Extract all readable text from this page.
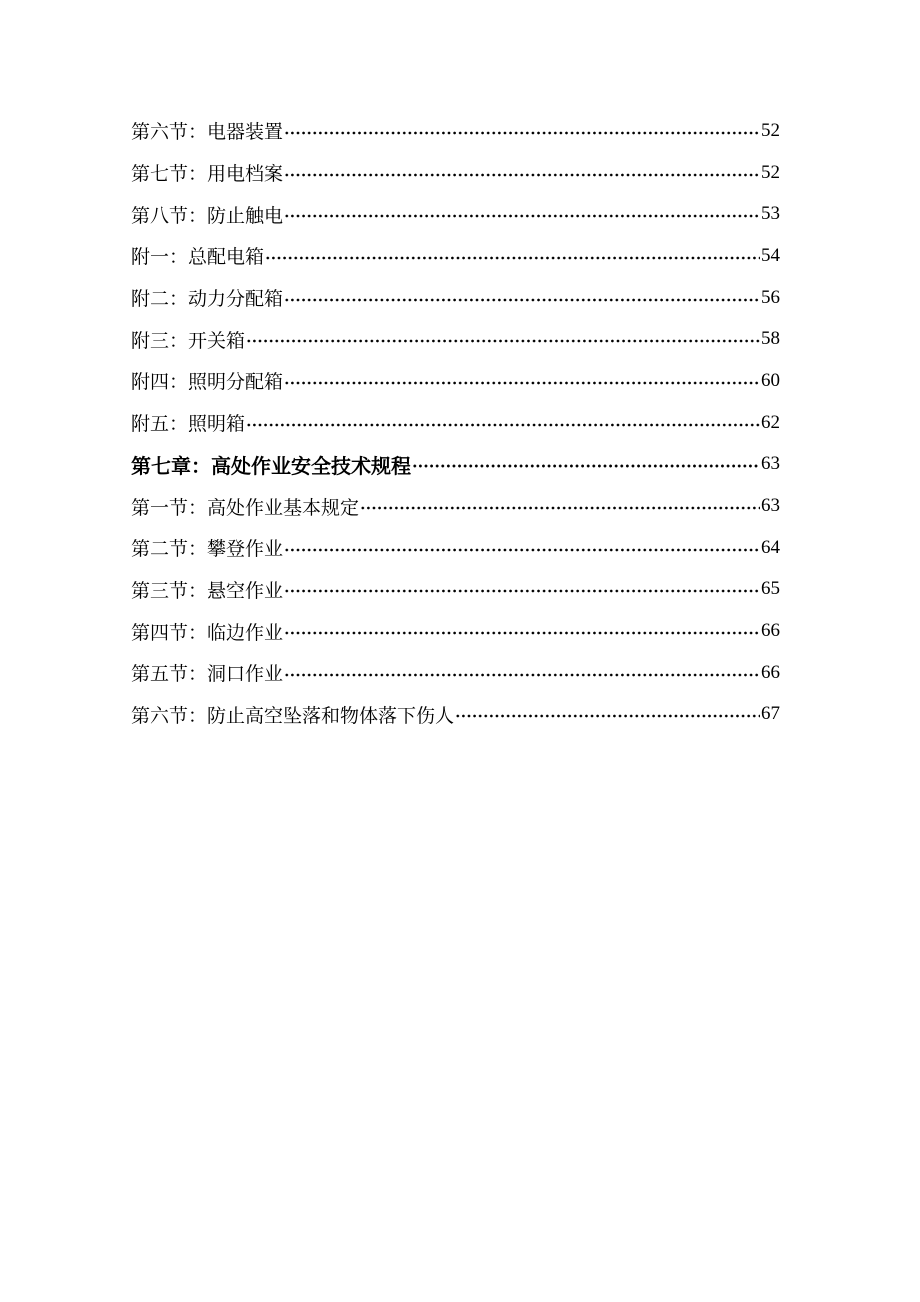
第六节：电器装置	52
第七节：用电档案	52
第八节：防止触电	53
附一：总配电箱	54
附二：动力分配箱	56
附三：开关箱	58
附四：照明分配箱	60
附五：照明箱	62
第七章：高处作业安全技术规程	63
第一节：高处作业基本规定	63
第二节：攀登作业	64
第三节：悬空作业	65
第四节：临边作业	66
第五节：洞口作业	66
第六节：防止高空坠落和物体落下伤人	67
